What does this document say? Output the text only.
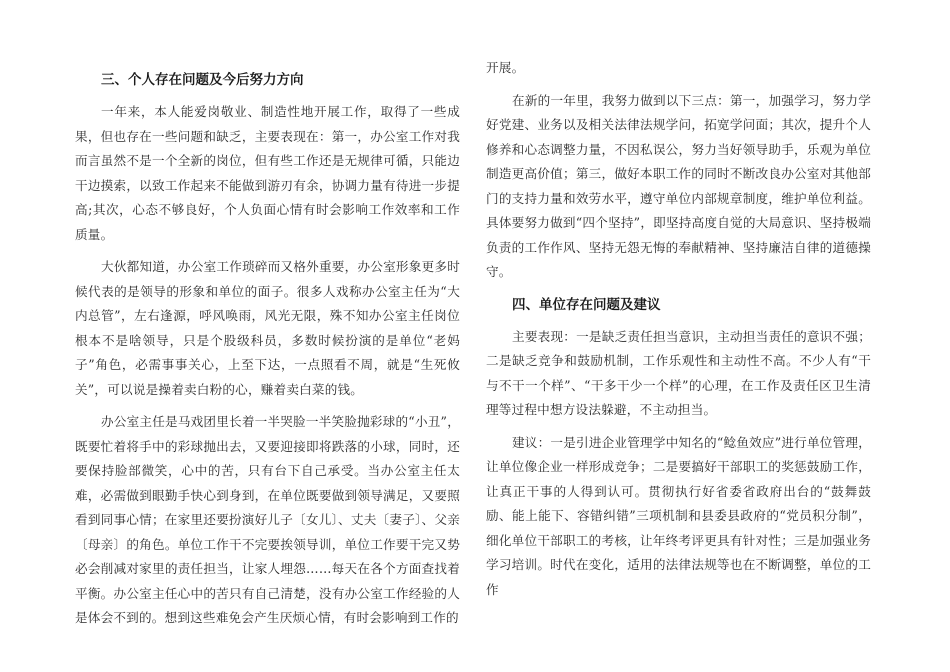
三、个人存在问题及今后努力方向

一年来，本人能爱岗敬业、制造性地开展工作，取得了一些成果，但也存在一些问题和缺乏，主要表现在：第一，办公室工作对我而言虽然不是一个全新的岗位，但有些工作还是无规律可循，只能边干边摸索，以致工作起来不能做到游刃有余，协调力量有待进一步提高;其次，心态不够良好，个人负面心情有时会影响工作效率和工作质量。

大伙都知道，办公室工作琐碎而又格外重要，办公室形象更多时候代表的是领导的形象和单位的面子。很多人戏称办公室主任为“大内总管”，左右逢源，呼风唤雨，风光无限，殊不知办公室主任岗位根本不是啥领导，只是个股级科员，多数时候扮演的是单位“老妈子”角色，必需事事关心，上至下达，一点照看不周，就是“生死攸关”，可以说是操着卖白粉的心，赚着卖白菜的钱。

办公室主任是马戏团里长着一半哭脸一半笑脸抛彩球的“小丑”，既要忙着将手中的彩球抛出去，又要迎接即将跌落的小球，同时，还要保持脸部微笑，心中的苦，只有台下自己承受。当办公室主任太难，必需做到眼勤手快心到身到，在单位既要做到领导满足，又要照看到同事心情；在家里还要扮演好儿子〔女儿〕、丈夫〔妻子〕、父亲〔母亲〕的角色。单位工作干不完要挨领导训，单位工作要干完又势必会削减对家里的责任担当，让家人埋怨……每天在各个方面查找着平衡。办公室主任心中的苦只有自己清楚，没有办公室工作经验的人是体会不到的。想到这些难免会产生厌烦心情，有时会影响到工作的

开展。

在新的一年里，我努力做到以下三点：第一，加强学习，努力学好党建、业务以及相关法律法规学问，拓宽学问面；其次，提升个人修养和心态调整力量，不因私误公，努力当好领导助手，乐观为单位制造更高价值；第三，做好本职工作的同时不断改良办公室对其他部门的支持力量和效劳水平，遵守单位内部规章制度，维护单位利益。具体要努力做到“四个坚持”，即坚持高度自觉的大局意识、坚持极端负责的工作作风、坚持无怨无悔的奉献精神、坚持廉洁自律的道德操守。

四、单位存在问题及建议

主要表现：一是缺乏责任担当意识，主动担当责任的意识不强；二是缺乏竞争和鼓励机制，工作乐观性和主动性不高。不少人有“干与不干一个样”、“干多干少一个样”的心理，在工作及责任区卫生清理等过程中想方设法躲避，不主动担当。

建议：一是引进企业管理学中知名的“鲶鱼效应”进行单位管理，让单位像企业一样形成竞争；二是要搞好干部职工的奖惩鼓励工作，让真正干事的人得到认可。贯彻执行好省委省政府出台的“鼓舞鼓励、能上能下、容错纠错”三项机制和县委县政府的“党员积分制”，细化单位干部职工的考核，让年终考评更具有针对性；三是加强业务学习培训。时代在变化，适用的法律法规等也在不断调整，单位的工作
